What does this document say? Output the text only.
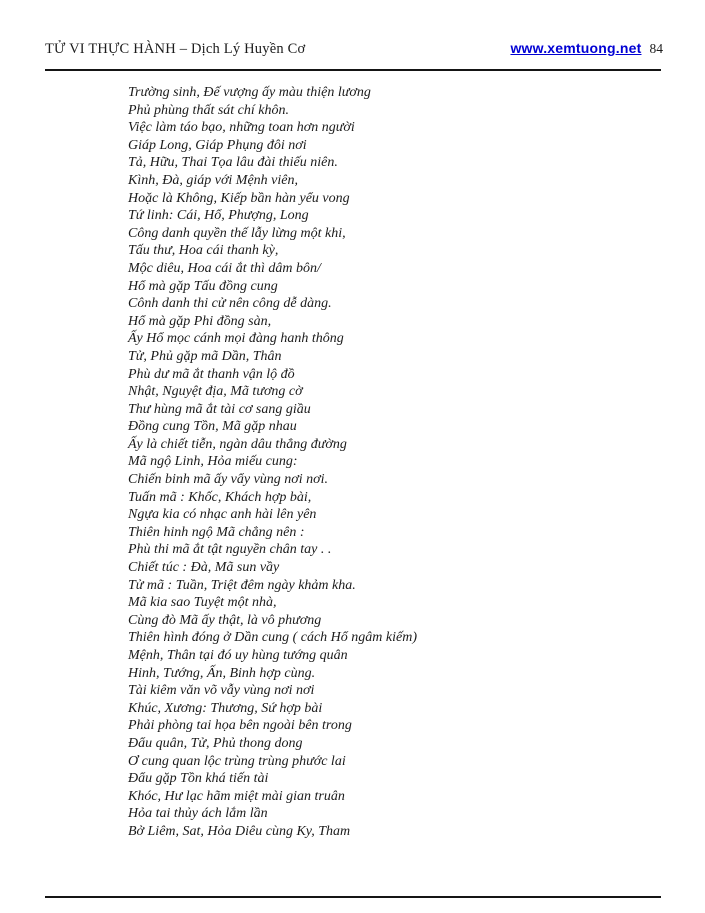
TỬ VI THỰC HÀNH – Dịch Lý Huyền Cơ	www.xemtuong.net 84
Trường sinh, Đế vượng ấy màu thiện lương
Phủ phùng thất sát chí khôn.
Việc làm táo bạo, những toan hơn người
Giáp Long, Giáp Phụng đôi nơi
Tả, Hữu, Thai Tọa lâu đài thiếu niên.
Kình, Đà, giáp với Mệnh viên,
Hoặc là Không, Kiếp bần hàn yểu vong
Tứ linh: Cái, Hổ, Phượng, Long
Công danh quyền thế lẫy lừng một khi,
Tấu thư, Hoa cái thanh kỳ,
Mộc diêu, Hoa cái ắt thì dâm bôn/
Hổ mà gặp Tấu đồng cung
Cônh danh thi cử nên công dễ dàng.
Hổ mà gặp Phi đồng sàn,
Ấy Hổ mọc cánh mọi đàng hanh thông
Tử, Phủ gặp mã Dần, Thân
Phù dư mã ắt thanh vận lộ đồ
Nhật, Nguyệt địa, Mã tương cờ
Thư hùng mã ắt tài cơ sang giầu
Đồng cung Tồn, Mã gặp nhau
Ấy là chiết tiễn, ngàn dâu thẳng đường
Mã ngộ Linh, Hỏa miếu cung:
Chiến binh mã ấy vẩy vùng nơi nơi.
Tuấn mã : Khốc, Khách hợp bài,
Ngựa kia có nhạc anh hài lên yên
Thiên hinh ngộ Mã chẳng nên :
Phù thi mã ắt tật nguyền chân tay . .
Chiết túc : Đà, Mã sun vầy
Tử mã : Tuần, Triệt đêm ngày khảm kha.
Mã kia sao Tuyệt một nhà,
Cùng đò Mã ấy thật, là vô phương
Thiên hình đóng ở Dần cung ( cách Hổ ngâm kiếm)
Mệnh, Thân tại đó uy hùng tướng quân
Hinh, Tướng, Ấn, Binh hợp cùng.
Tài kiêm văn võ vẫy vùng nơi nơi
Khúc, Xương: Thương, Sứ hợp bài
Phải phòng tai họa bên ngoài bên trong
Đẩu quân, Tử, Phủ thong dong
Ơ cung quan lộc trùng trùng phước lai
Đẩu gặp Tồn khá tiến tài
Khóc, Hư lạc hãm miệt mài gian truân
Hỏa tai thủy ách lắm lần
Bở Liêm, Sat, Hỏa Diêu cùng Ky, Tham
